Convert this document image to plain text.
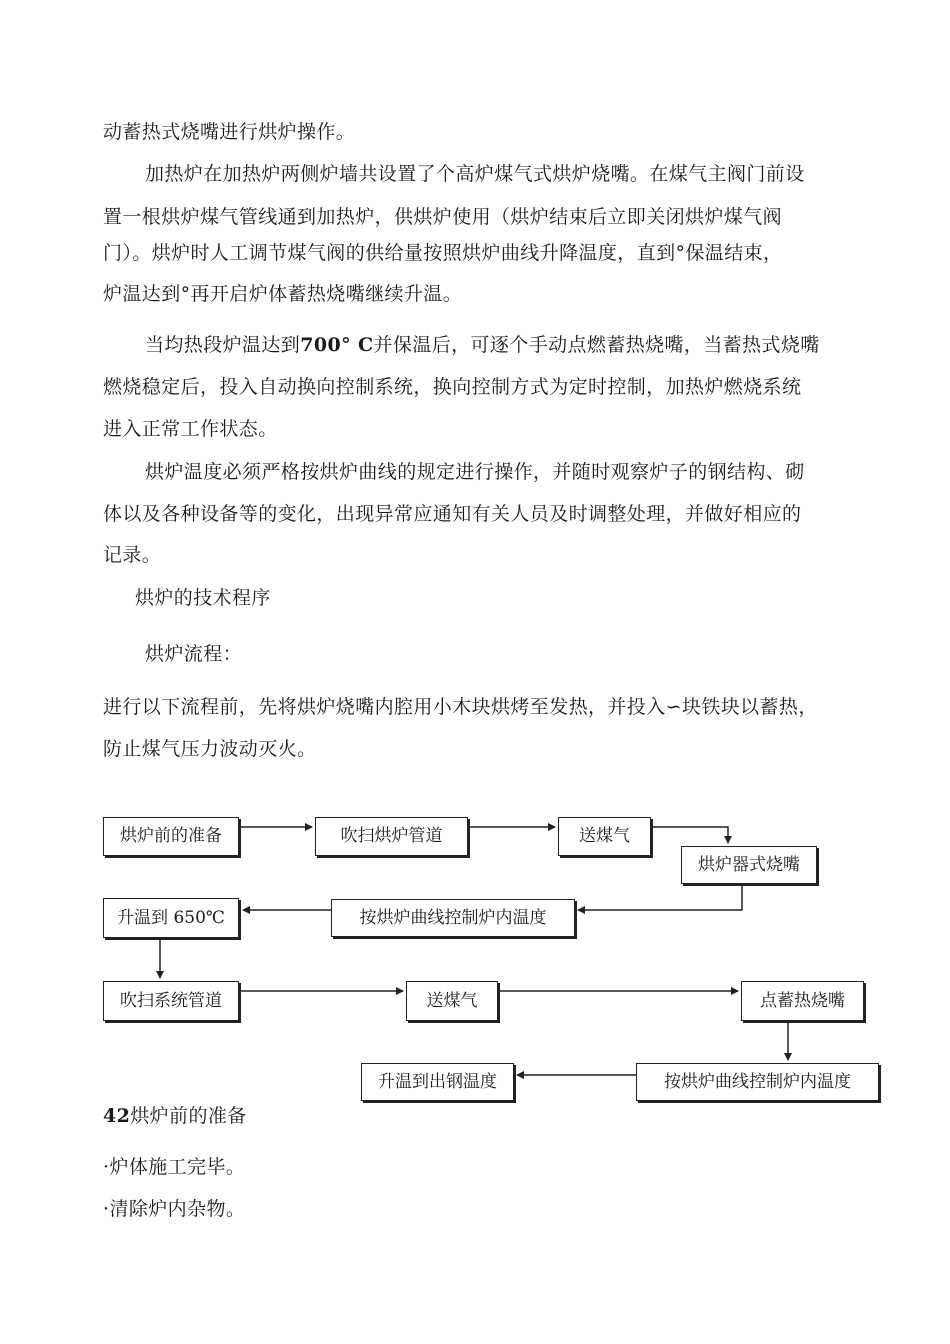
动蓄热式烧嘴进行烘炉操作。
加热炉在加热炉两侧炉墙共设置了个高炉煤气式烘炉烧嘴。在煤气主阀门前设
置一根烘炉煤气管线通到加热炉，供烘炉使用（烘炉结束后立即关闭烘炉煤气阀
门）。烘炉时人工调节煤气阀的供给量按照烘炉曲线升降温度，直到°保温结束，
炉温达到°再开启炉体蓄热烧嘴继续升温。
当均热段炉温达到700° C并保温后，可逐个手动点燃蓄热烧嘴，当蓄热式烧嘴
燃烧稳定后，投入自动换向控制系统，换向控制方式为定时控制，加热炉燃烧系统
进入正常工作状态。
烘炉温度必须严格按烘炉曲线的规定进行操作，并随时观察炉子的钢结构、砌
体以及各种设备等的变化，出现异常应通知有关人员及时调整处理，并做好相应的
记录。
烘炉的技术程序
烘炉流程：
进行以下流程前，先将烘炉烧嘴内腔用小木块烘烤至发热，并投入∽块铁块以蓄热，
防止煤气压力波动灭火。
烘炉前的准备	吹扫烘炉管道	送煤气
烘炉器式烧嘴
按烘炉曲线控制炉内温度
升温到 650℃
吹扫系统管道	送煤气	点蓄热烧嘴
按烘炉曲线控制炉内温度
升温到出钢温度
42烘炉前的准备
·炉体施工完毕。
·清除炉内杂物。
